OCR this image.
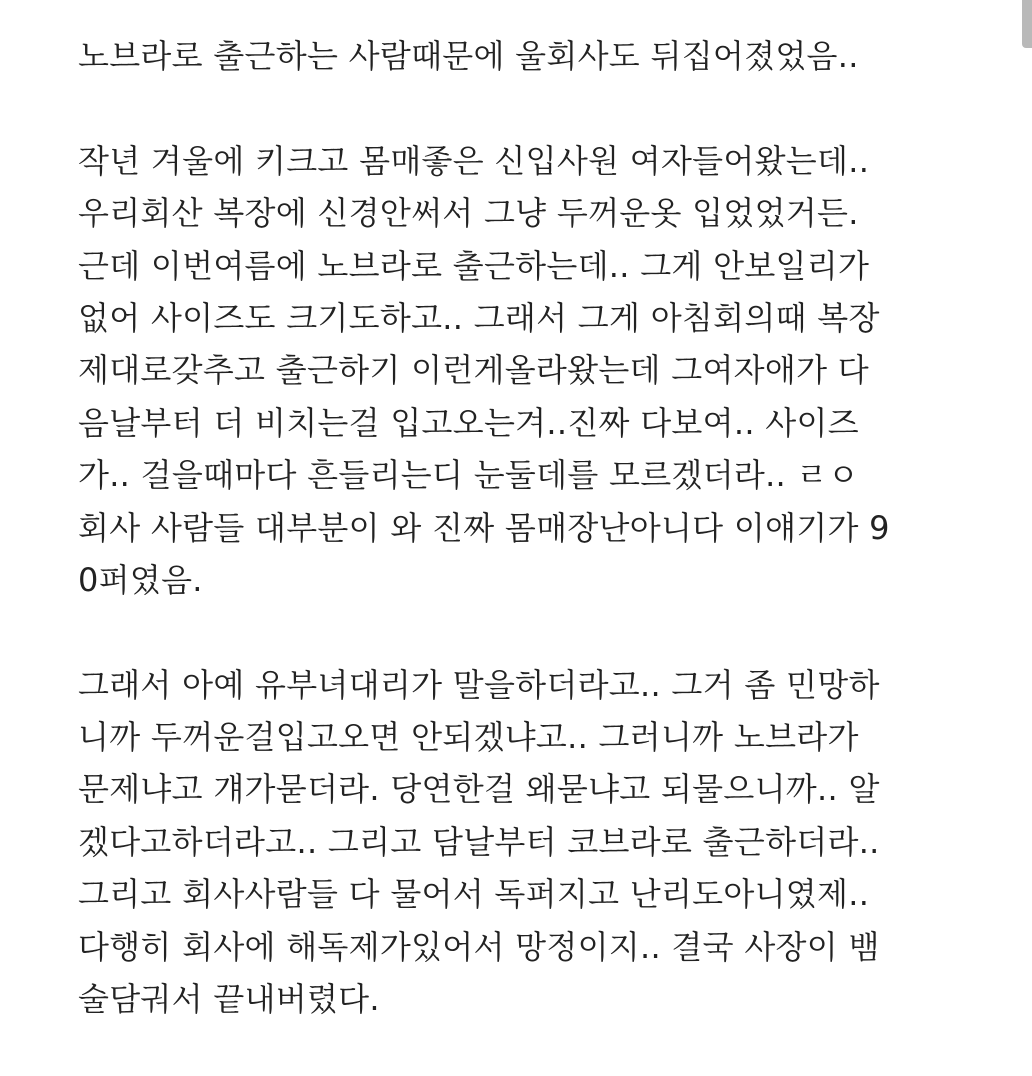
노브라로 출근하는 사람때문에 울회사도 뒤집어졌었음..
작년 겨울에 키크고 몸매좋은 신입사원 여자들어왔는데..
우리회산 복장에 신경안써서 그냥 두꺼운옷 입었었거든.
근데 이번여름에 노브라로 출근하는데.. 그게 안보일리가
없어 사이즈도 크기도하고.. 그래서 그게 아침회의때 복장
제대로갖추고 출근하기 이런게올라왔는데 그여자애가 다
음날부터 더 비치는걸 입고오는겨..진짜 다보여.. 사이즈
가.. 걸을때마다 흔들리는디 눈둘데를 모르겠더라.. ㄹㅇ
회사 사람들 대부분이 와 진짜 몸매장난아니다 이얘기가 9
0퍼였음.
그래서 아예 유부녀대리가 말을하더라고.. 그거 좀 민망하
니까 두꺼운걸입고오면 안되겠냐고.. 그러니까 노브라가
문제냐고 걔가묻더라. 당연한걸 왜묻냐고 되물으니까.. 알
겠다고하더라고.. 그리고 담날부터 코브라로 출근하더라..
그리고 회사사람들 다 물어서 독퍼지고 난리도아니였제..
다행히 회사에 해독제가있어서 망정이지.. 결국 사장이 뱀
술담궈서 끝내버렸다.
